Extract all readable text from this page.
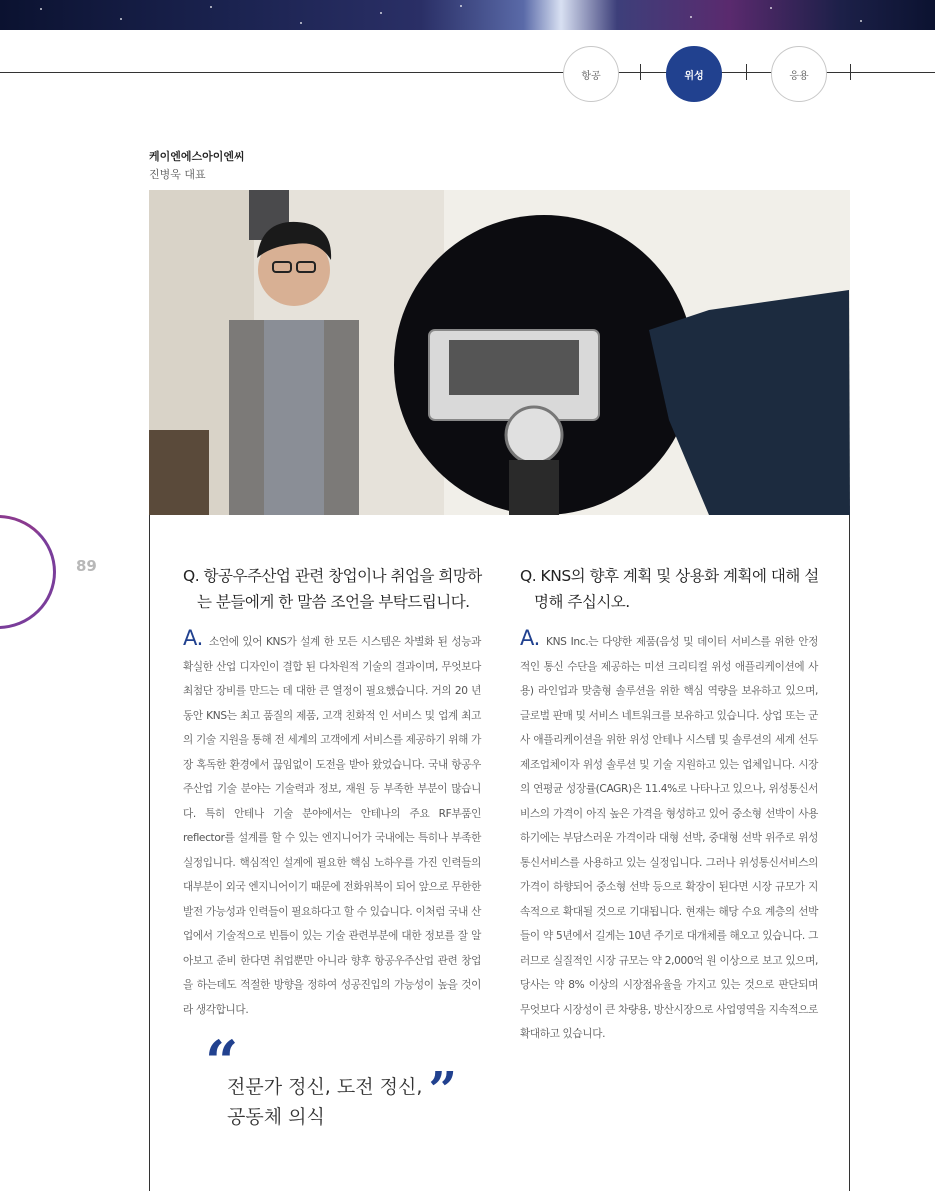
항공	위성	응용
케이엔에스아이엔씨
진병욱 대표
89
Q. 항공우주산업 관련 창업이나 취업을 희망하는 분들에게 한 말씀 조언을 부탁드립니다.
A. 소언에 있어 KNS가 설계 한 모든 시스템은 차별화 된 성능과 확실한 산업 디자인이 결합 된 다차원적 기술의 결과이며, 무엇보다 최첨단 장비를 만드는 데 대한 큰 열정이 필요했습니다. 거의 20 년 동안 KNS는 최고 품질의 제품, 고객 친화적 인 서비스 및 업계 최고의 기술 지원을 통해 전 세계의 고객에게 서비스를 제공하기 위해 가장 혹독한 환경에서 끊임없이 도전을 받아 왔었습니다. 국내 항공우주산업 기술 분야는 기술력과 정보, 재원 등 부족한 부분이 많습니다. 특히 안테나 기술 분야에서는 안테나의 주요 RF부품인 reflector를 설계를 할 수 있는 엔지니어가 국내에는 특히나 부족한 실정입니다. 핵심적인 설계에 필요한 핵심 노하우를 가진 인력들의 대부분이 외국 엔지니어이기 때문에 전화위복이 되어 앞으로 무한한 발전 가능성과 인력들이 필요하다고 할 수 있습니다. 이처럼 국내 산업에서 기술적으로 빈틈이 있는 기술 관련부분에 대한 정보를 잘 알아보고 준비 한다면 취업뿐만 아니라 향후 항공우주산업 관련 창업을 하는데도 적절한 방향을 정하여 성공진입의 가능성이 높을 것이라 생각합니다.
Q. KNS의 향후 계획 및 상용화 계획에 대해 설명해 주십시오.
A. KNS Inc.는 다양한 제품(음성 및 데이터 서비스를 위한 안정적인 통신 수단을 제공하는 미션 크리티컬 위성 애플리케이션에 사용) 라인업과 맞춤형 솔루션을 위한 핵심 역량을 보유하고 있으며, 글로벌 판매 및 서비스 네트워크를 보유하고 있습니다. 상업 또는 군사 애플리케이션을 위한 위성 안테나 시스템 및 솔루션의 세계 선두 제조업체이자 위성 솔루션 및 기술 지원하고 있는 업체입니다. 시장의 연평균 성장률(CAGR)은 11.4%로 나타나고 있으나, 위성통신서비스의 가격이 아직 높은 가격을 형성하고 있어 중소형 선박이 사용하기에는 부담스러운 가격이라 대형 선박, 중대형 선박 위주로 위성통신서비스를 사용하고 있는 실정입니다. 그러나 위성통신서비스의 가격이 하향되어 중소형 선박 등으로 확장이 된다면 시장 규모가 지속적으로 확대될 것으로 기대됩니다. 현재는 해당 수요 계층의 선박들이 약 5년에서 길게는 10년 주기로 대개체를 해오고 있습니다. 그러므로 실질적인 시장 규모는 약 2,000억 원 이상으로 보고 있으며, 당사는 약 8% 이상의 시장점유율을 가지고 있는 것으로 판단되며 무엇보다 시장성이 큰 차량용, 방산시장으로 사업영역을 지속적으로 확대하고 있습니다.
“
전문가 정신, 도전 정신, ”
공동체 의식
